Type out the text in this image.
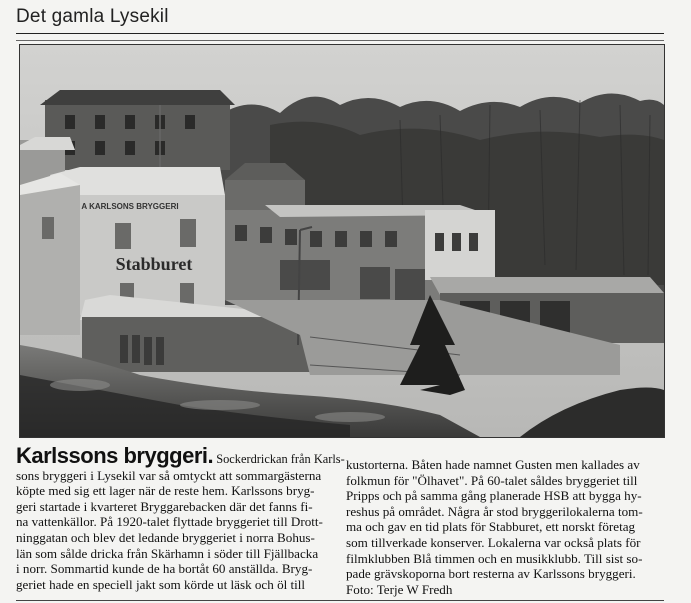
Det gamla Lysekil
A KARLSONS BRYGGERI
Stabburet
Karlssons bryggeri. Sockerdrickan från Karls-
sons bryggeri i Lysekil var så omtyckt att sommargästerna
köpte med sig ett lager när de reste hem. Karlssons bryg-
geri startade i kvarteret Bryggarebacken där det fanns fi-
na vattenkällor. På 1920-talet flyttade bryggeriet till Drott-
ninggatan och blev det ledande bryggeriet i norra Bohus-
län som sålde dricka från Skärhamn i söder till Fjällbacka
i norr. Sommartid kunde de ha bortåt 60 anställda. Bryg-
geriet hade en speciell jakt som körde ut läsk och öl till
kustorterna. Båten hade namnet Gusten men kallades av
folkmun för "Ölhavet". På 60-talet såldes bryggeriet till
Pripps och på samma gång planerade HSB att bygga hy-
reshus på området. Några år stod bryggerilokalerna tom-
ma och gav en tid plats för Stabburet, ett norskt företag
som tillverkade konserver. Lokalerna var också plats för
filmklubben Blå timmen och en musikklubb. Till sist so-
pade grävskoporna bort resterna av Karlssons bryggeri.
Foto: Terje W Fredh
